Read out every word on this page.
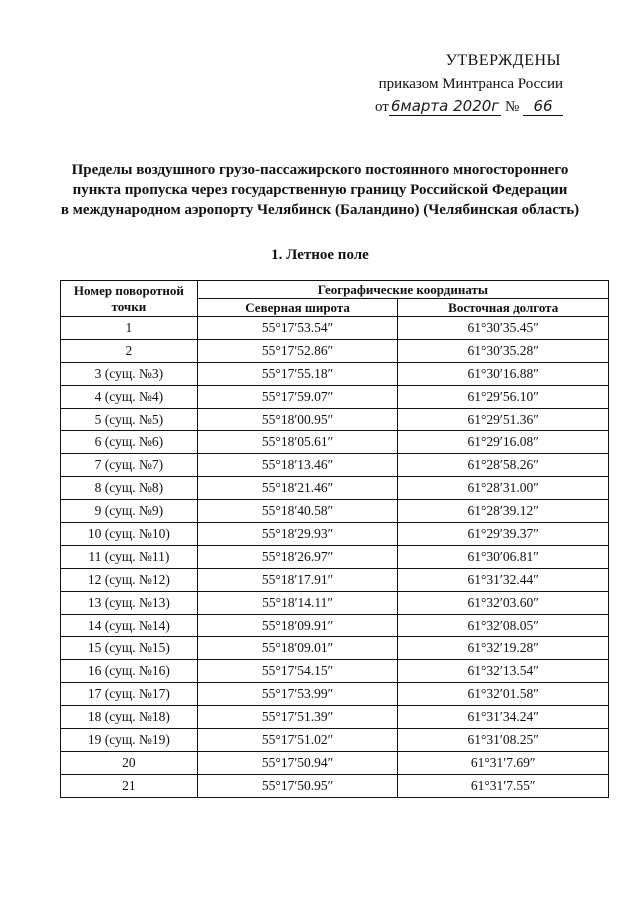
УТВЕРЖДЕНЫ
приказом Минтранса России
от 6марта 2020г № 66
Пределы воздушного грузо-пассажирского постоянного многостороннего
пункта пропуска через государственную границу Российской Федерации
в международном аэропорту Челябинск (Баландино) (Челябинская область)
1. Летное поле
Номер поворотной точки	Географические координаты	
	Северная широта	Восточная долгота
1	55°17′53.54″	61°30′35.45″
2	55°17′52.86″	61°30′35.28″
3 (сущ. №3)	55°17′55.18″	61°30′16.88″
4 (сущ. №4)	55°17′59.07″	61°29′56.10″
5 (сущ. №5)	55°18′00.95″	61°29′51.36″
6 (сущ. №6)	55°18′05.61″	61°29′16.08″
7 (сущ. №7)	55°18′13.46″	61°28′58.26″
8 (сущ. №8)	55°18′21.46″	61°28′31.00″
9 (сущ. №9)	55°18′40.58″	61°28′39.12″
10 (сущ. №10)	55°18′29.93″	61°29′39.37″
11 (сущ. №11)	55°18′26.97″	61°30′06.81″
12 (сущ. №12)	55°18′17.91″	61°31′32.44″
13 (сущ. №13)	55°18′14.11″	61°32′03.60″
14 (сущ. №14)	55°18′09.91″	61°32′08.05″
15 (сущ. №15)	55°18′09.01″	61°32′19.28″
16 (сущ. №16)	55°17′54.15″	61°32′13.54″
17 (сущ. №17)	55°17′53.99″	61°32′01.58″
18 (сущ. №18)	55°17′51.39″	61°31′34.24″
19 (сущ. №19)	55°17′51.02″	61°31′08.25″
20	55°17′50.94″	61°31′7.69″
21	55°17′50.95″	61°31′7.55″
